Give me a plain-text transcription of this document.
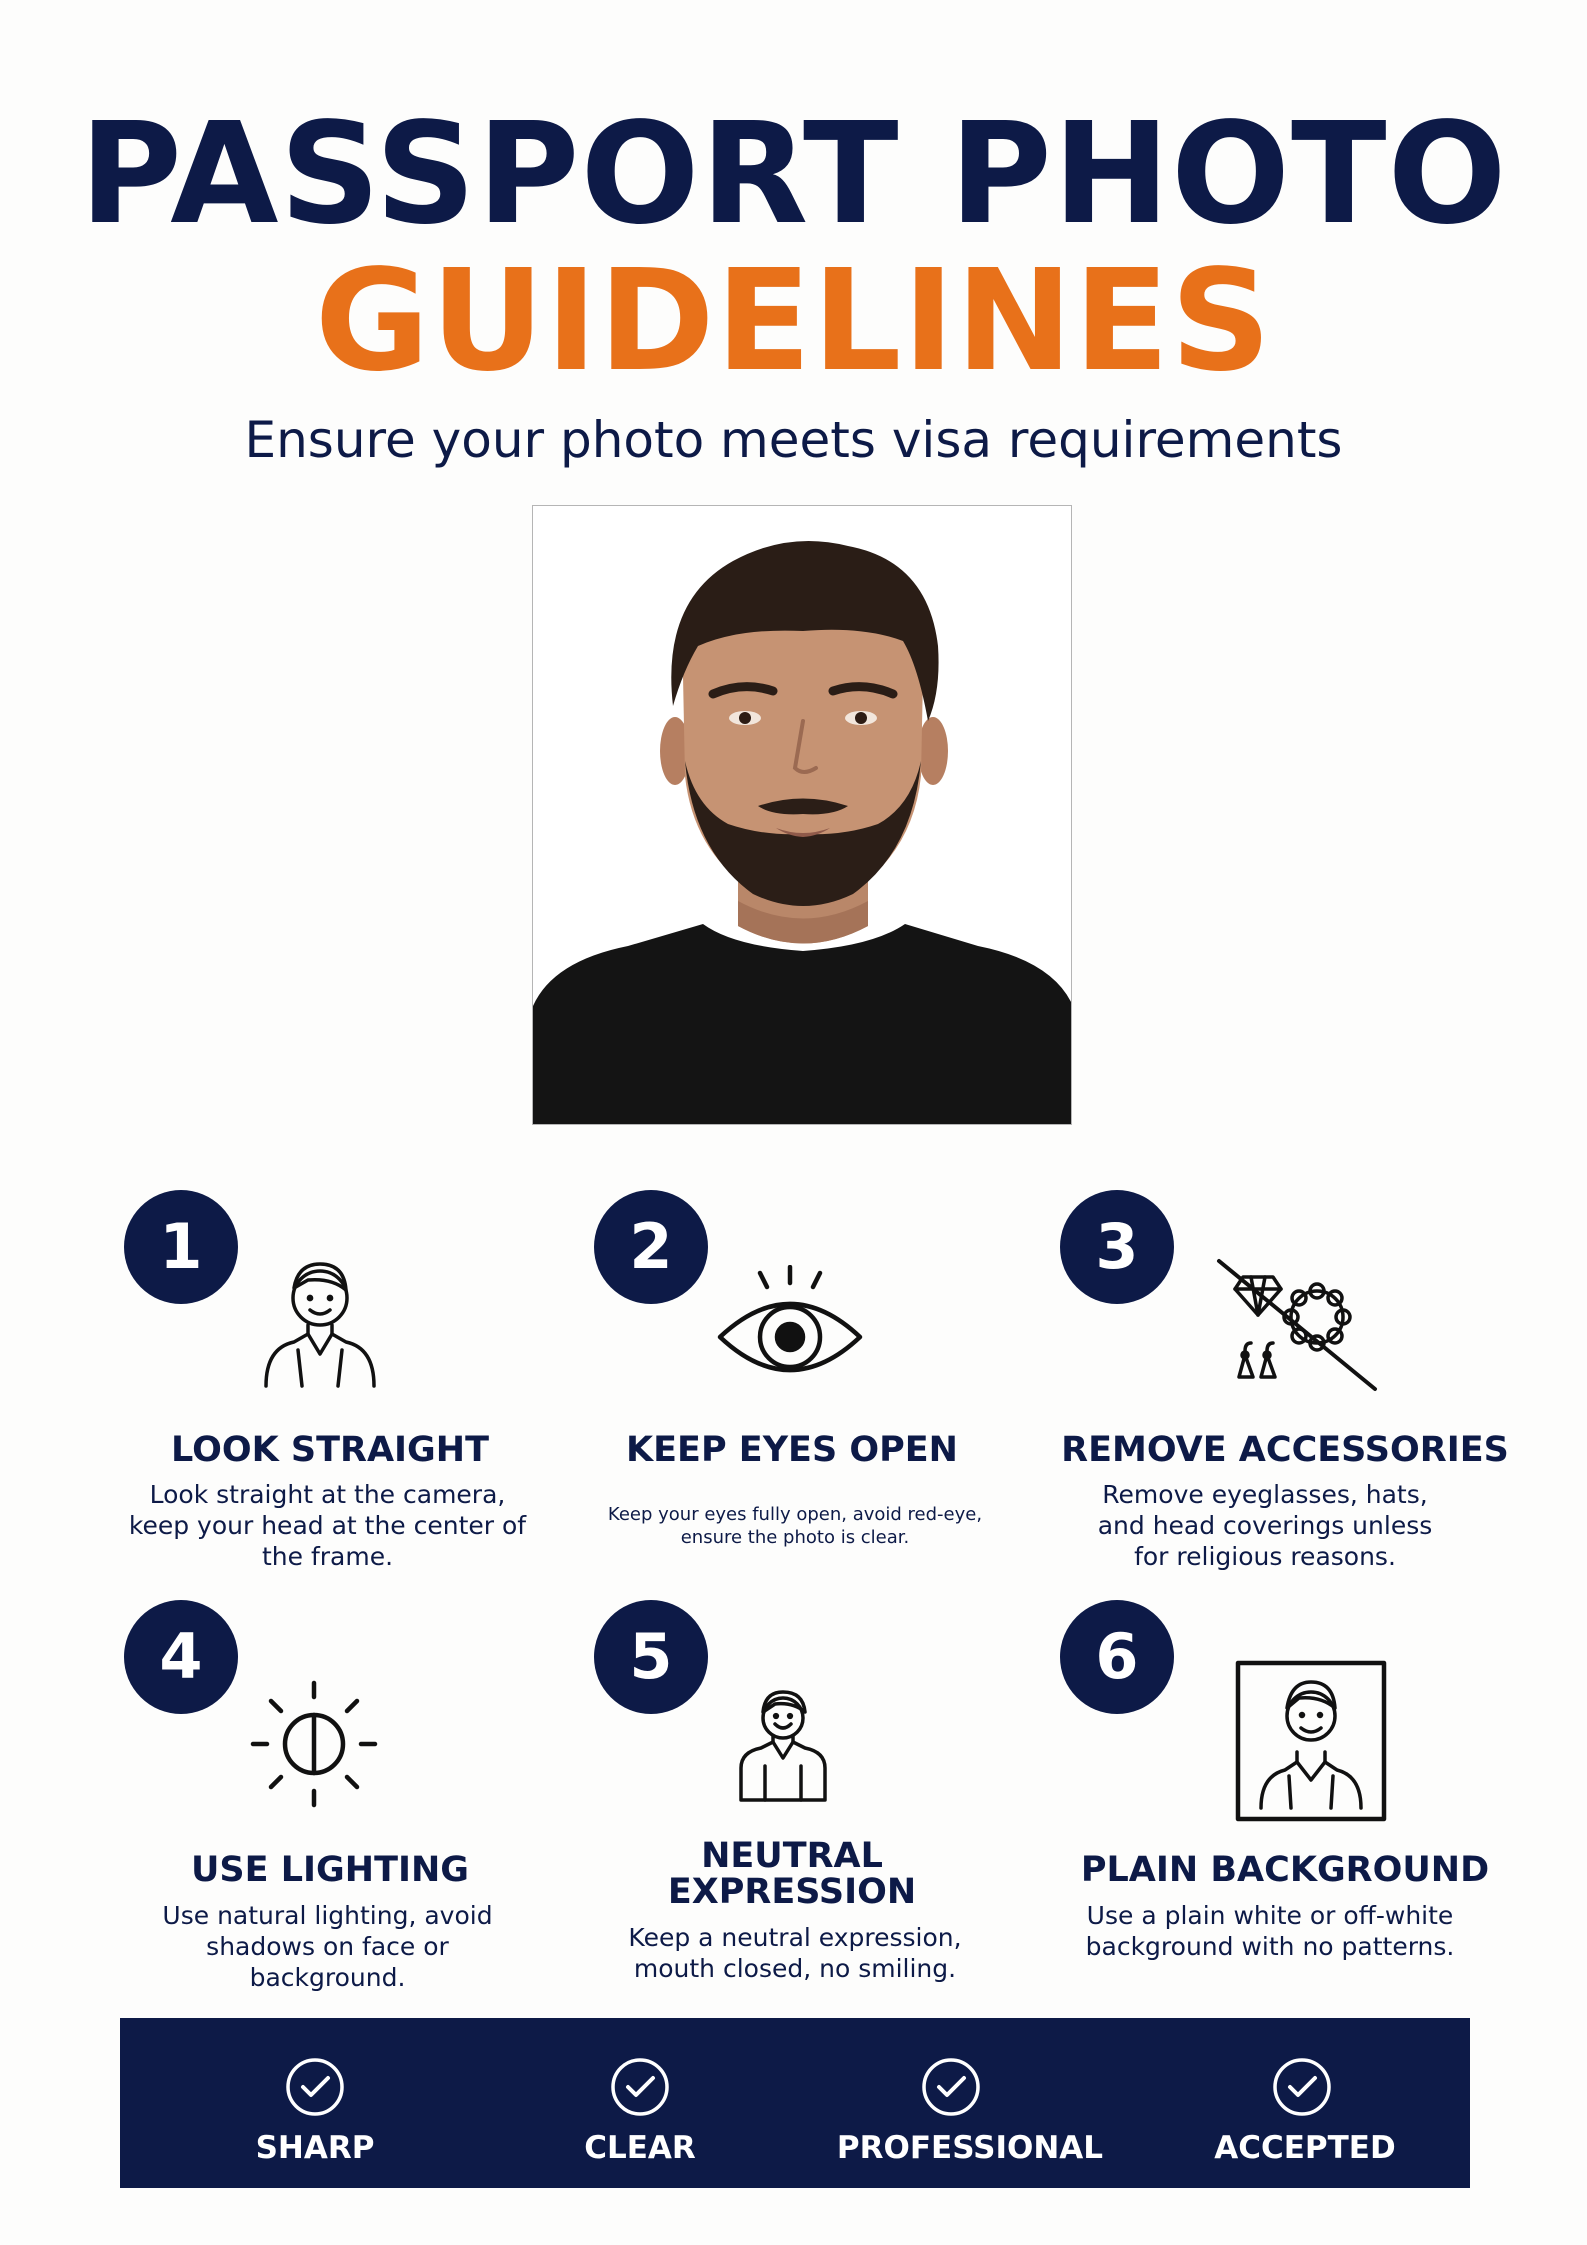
PASSPORT PHOTO
GUIDELINES
Ensure your photo meets visa requirements
1
LOOK STRAIGHT
Look straight at the camera, keep your head at the center of the frame.
2
KEEP EYES OPEN
Keep your eyes fully open, avoid red-eye, ensure the photo is clear.
3
REMOVE ACCESSORIES
Remove eyeglasses, hats, and head coverings unless for religious reasons.
4
USE LIGHTING
Use natural lighting, avoid shadows on face or background.
5
NEUTRAL
EXPRESSION
Keep a neutral expression, mouth closed, no smiling.
6
PLAIN BACKGROUND
Use a plain white or off-white background with no patterns.
SHARP	CLEAR	PROFESSIONAL	ACCEPTED
